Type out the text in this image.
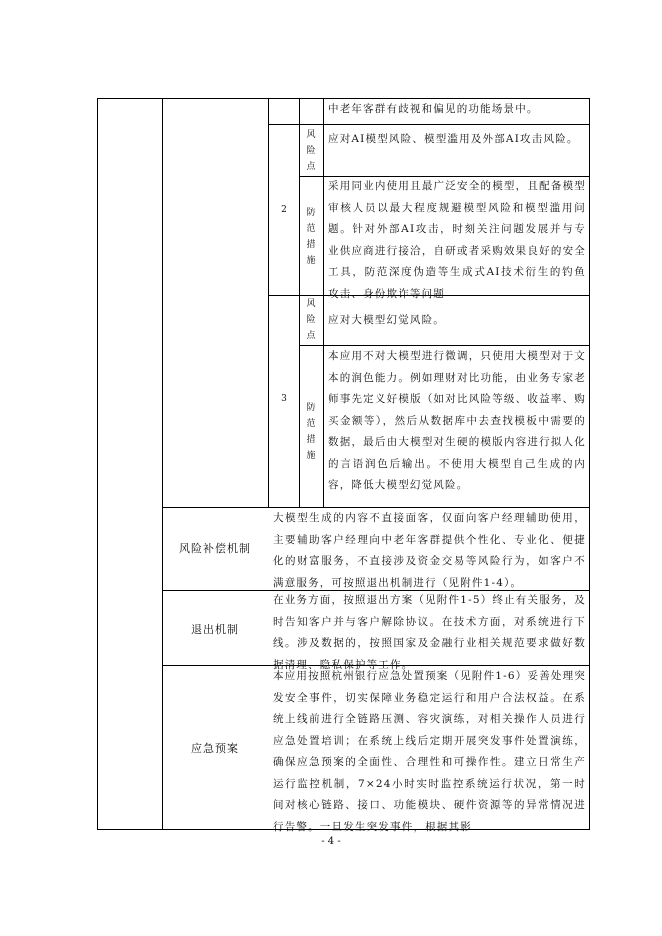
中老年客群有歧视和偏见的功能场景中。
2
风
险
点
应对AI模型风险、模型滥用及外部AI攻击风险。
防
范
措
施
采用同业内使用且最广泛安全的模型，且配备模型审核人员以最大程度规避模型风险和模型滥用问题。针对外部AI攻击，时刻关注问题发展并与专业供应商进行接洽，自研或者采购效果良好的安全工具，防范深度伪造等生成式AI技术衍生的钓鱼攻击、身份欺诈等问题
3
风
险
点
应对大模型幻觉风险。
防
范
措
施
本应用不对大模型进行微调，只使用大模型对于文本的润色能力。例如理财对比功能，由业务专家老师事先定义好模版（如对比风险等级、收益率、购买金额等），然后从数据库中去查找模板中需要的数据，最后由大模型对生硬的模版内容进行拟人化的言语润色后输出。不使用大模型自己生成的内容，降低大模型幻觉风险。
风险补偿机制
大模型生成的内容不直接面客，仅面向客户经理辅助使用，主要辅助客户经理向中老年客群提供个性化、专业化、便捷化的财富服务，不直接涉及资金交易等风险行为，如客户不满意服务，可按照退出机制进行（见附件1-4）。
退出机制
在业务方面，按照退出方案（见附件1-5）终止有关服务，及时告知客户并与客户解除协议。在技术方面，对系统进行下线。涉及数据的，按照国家及金融行业相关规范要求做好数据清理、隐私保护等工作。
应急预案
本应用按照杭州银行应急处置预案（见附件1-6）妥善处理突发安全事件，切实保障业务稳定运行和用户合法权益。在系统上线前进行全链路压测、容灾演练，对相关操作人员进行应急处置培训；在系统上线后定期开展突发事件处置演练，确保应急预案的全面性、合理性和可操作性。建立日常生产运行监控机制，7×24小时实时监控系统运行状况，第一时间对核心链路、接口、功能模块、硬件资源等的异常情况进行告警。一旦发生突发事件，根据其影
- 4 -
